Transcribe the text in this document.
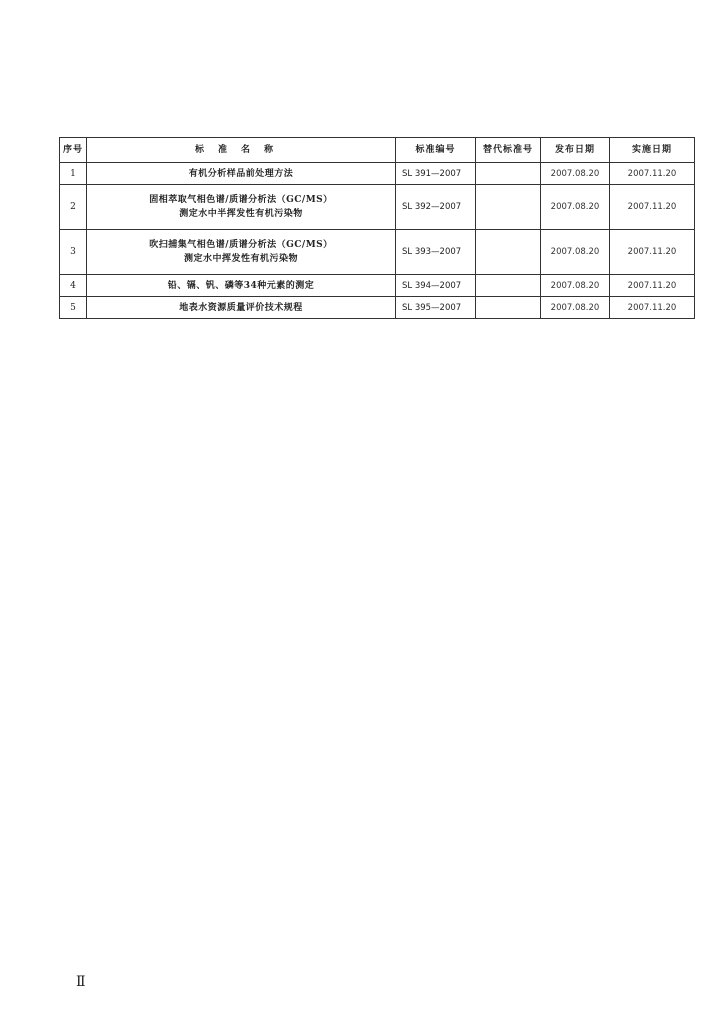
序号	标准名称	标准编号	替代标准号	发布日期	实施日期
1	有机分析样品前处理方法	SL 391—2007		2007.08.20	2007.11.20
2	固相萃取气相色谱/质谱分析法（GC/MS）
测定水中半挥发性有机污染物	SL 392—2007		2007.08.20	2007.11.20
3	吹扫捕集气相色谱/质谱分析法（GC/MS）
测定水中挥发性有机污染物	SL 393—2007		2007.08.20	2007.11.20
4	铅、镉、钒、磷等34种元素的测定	SL 394—2007		2007.08.20	2007.11.20
5	地表水资源质量评价技术规程	SL 395—2007		2007.08.20	2007.11.20
Ⅱ
